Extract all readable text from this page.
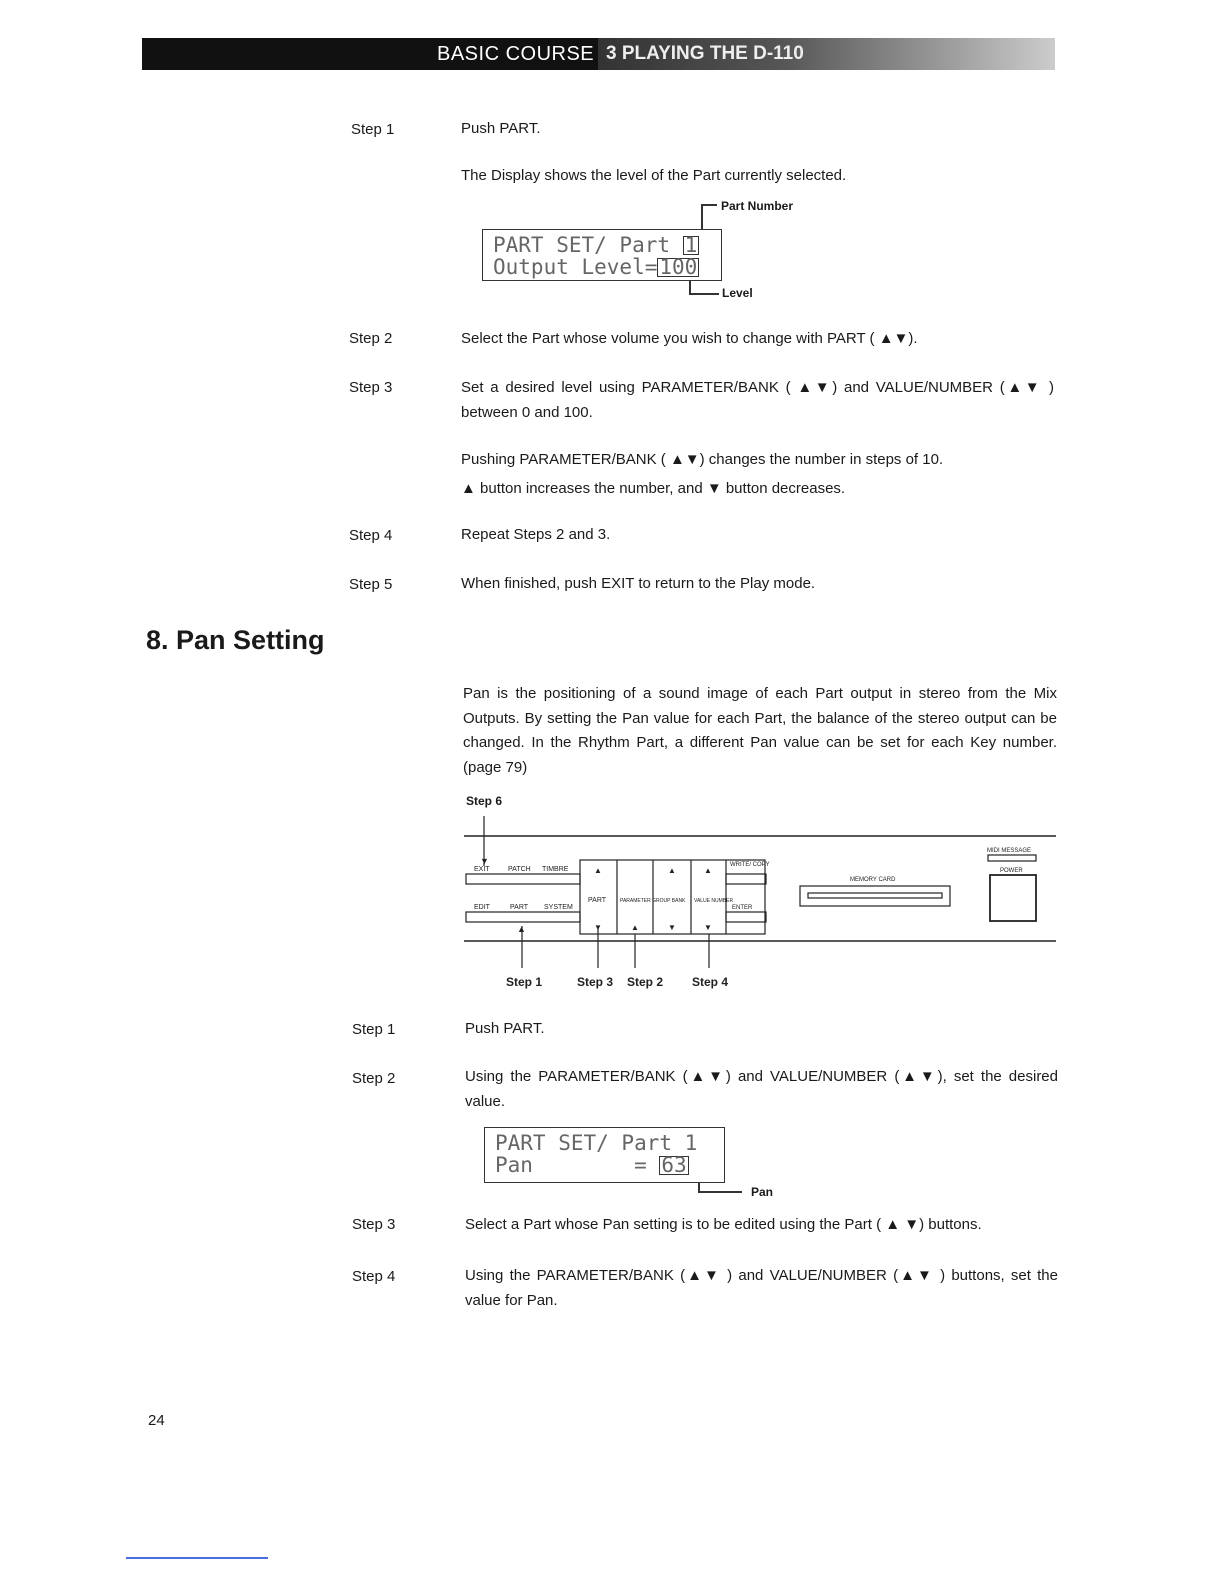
BASIC COURSE 3 PLAYING THE D-110
Step 1	Push PART.
The Display shows the level of the Part currently selected.
Part Number
PART SET/ Part 1
Output Level=100
Level
Step 2	Select the Part whose volume you wish to change with PART ( ▲▼).
Step 3	Set a desired level using PARAMETER/BANK ( ▲▼) and VALUE/NUMBER (▲▼ ) between 0 and 100.
Pushing PARAMETER/BANK ( ▲▼) changes the number in steps of 10.
▲ button increases the number, and ▼ button decreases.
Step 4	Repeat Steps 2 and 3.
Step 5	When finished, push EXIT to return to the Play mode.
8. Pan Setting
Pan is the positioning of a sound image of each Part output in stereo from the Mix Outputs. By setting the Pan value for each Part, the balance of the stereo output can be changed. In the Rhythm Part, a different Pan value can be set for each Key number. (page 79)
Step 6
EXIT	PATCH TIMBRE
EDIT	PART SYSTEM
PART	PARAMETER GROUP BANK VALUE NUMBER
WRITE/ COPY
ENTER
MEMORY CARD
MIDI MESSAGE
POWER
▼
▲
▲	▲	▲
▼	▲	▼	▼
Step 1	Step 3 Step 2 Step 4
Step 1	Push PART.
Step 2	Using the PARAMETER/BANK (▲▼) and VALUE/NUMBER (▲▼), set the desired value.
PART SET/ Part 1
Pan        = 63
Pan
Step 3	Select a Part whose Pan setting is to be edited using the Part ( ▲ ▼) buttons.
Step 4	Using the PARAMETER/BANK (▲▼ ) and VALUE/NUMBER (▲▼ ) buttons, set the value for Pan.
24
